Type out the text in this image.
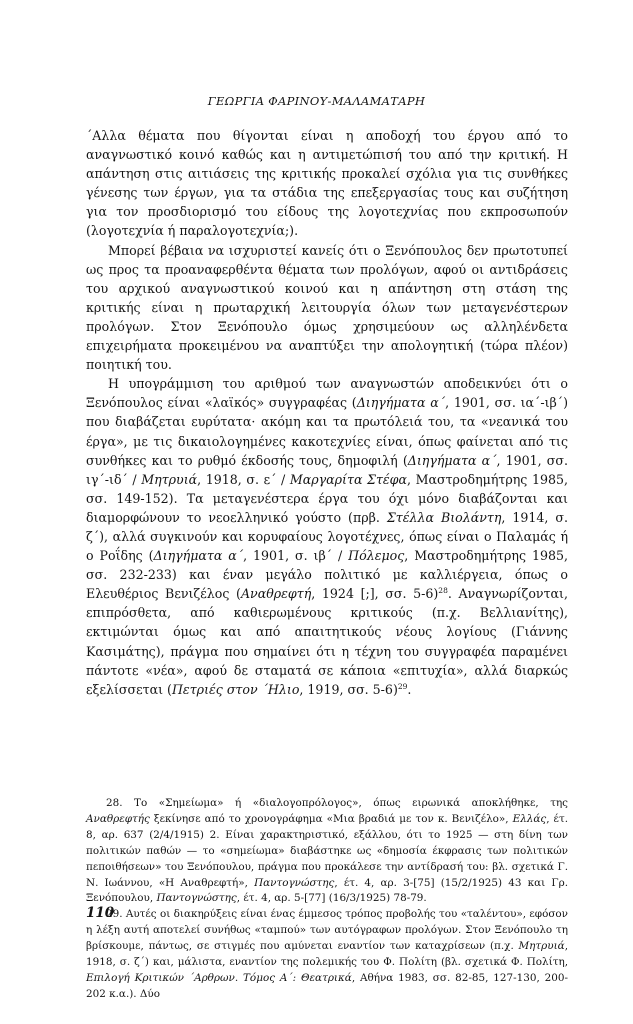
ΓΕΩΡΓΙΑ ΦΑΡΙΝΟΥ-ΜΑΛΑΜΑΤΑΡΗ

΄Αλλα θέματα που θίγονται είναι η αποδοχή του έργου από το αναγνωστικό κοινό καθώς και η αντιμετώπισή του από την κριτική. Η απάντηση στις αιτιάσεις της κριτικής προκαλεί σχόλια για τις συνθήκες γένεσης των έργων, για τα στάδια της επεξεργασίας τους και συζήτηση για τον προσδιορισμό του είδους της λογοτεχνίας που εκπροσωπούν (λογοτεχνία ή παραλογοτεχνία;).

Μπορεί βέβαια να ισχυριστεί κανείς ότι ο Ξενόπουλος δεν πρωτοτυπεί ως προς τα προαναφερθέντα θέματα των προλόγων, αφού οι αντιδράσεις του αρχικού αναγνωστικού κοινού και η απάντηση στη στάση της κριτικής είναι η πρωταρχική λειτουργία όλων των μεταγενέστερων προλόγων. Στον Ξενόπουλο όμως χρησιμεύουν ως αλληλένδετα επιχειρήματα προκειμένου να αναπτύξει την απολογητική (τώρα πλέον) ποιητική του.

Η υπογράμμιση του αριθμού των αναγνωστών αποδεικνύει ότι ο Ξενόπουλος είναι «λαϊκός» συγγραφέας (Διηγήματα α΄, 1901, σσ. ια΄-ιβ΄) που διαβάζεται ευρύτατα· ακόμη και τα πρωτόλειά του, τα «νεανικά του έργα», με τις δικαιολογημένες κακοτεχνίες είναι, όπως φαίνεται από τις συνθήκες και το ρυθμό έκδοσής τους, δημοφιλή (Διηγήματα α΄, 1901, σσ. ιγ΄-ιδ΄ / Μητρυιά, 1918, σ. ε΄ / Μαργαρίτα Στέφα, Μαστροδημήτρης 1985, σσ. 149-152). Τα μεταγενέστερα έργα του όχι μόνο διαβάζονται και διαμορφώνουν το νεοελληνικό γούστο (πρβ. Στέλλα Βιολάντη, 1914, σ. ζ΄), αλλά συγκινούν και κορυφαίους λογοτέχνες, όπως είναι ο Παλαμάς ή ο Ροΐδης (Διηγήματα α΄, 1901, σ. ιβ΄ / Πόλεμος, Μαστροδημήτρης 1985, σσ. 232-233) και έναν μεγάλο πολιτικό με καλλιέργεια, όπως ο Ελευθέριος Βενιζέλος (Αναθρεφτή, 1924 [;], σσ. 5-6)$^{28}$. Αναγνωρίζονται, επιπρόσθετα, από καθιερωμένους κριτικούς (π.χ. Βελλιανίτης), εκτιμώνται όμως και από απαιτητικούς νέους λογίους (Γιάννης Κασιμάτης), πράγμα που σημαίνει ότι η τέχνη του συγγραφέα παραμένει πάντοτε «νέα», αφού δε σταματά σε κάποια «επιτυχία», αλλά διαρκώς εξελίσσεται (Πετριές στον ΄Ηλιο, 1919, σσ. 5-6)$^{29}$.

28. Το «Σημείωμα» ή «διαλογοπρόλογος», όπως ειρωνικά αποκλήθηκε, της Αναθρεφτής ξεκίνησε από το χρονογράφημα «Μια βραδιά με τον κ. Βενιζέλο», Ελλάς, έτ. 8, αρ. 637 (2/4/1915) 2. Είναι χαρακτηριστικό, εξάλλου, ότι το 1925 — στη δίνη των πολιτικών παθών — το «σημείωμα» διαβάστηκε ως «δημοσία έκφρασις των πολιτικών πεποιθήσεων» του Ξενόπουλου, πράγμα που προκάλεσε την αντίδρασή του: βλ. σχετικά Γ. Ν. Ιωάννου, «Η Αναθρεφτή», Παντογνώστης, έτ. 4, αρ. 3-[75] (15/2/1925) 43 και Γρ. Ξενόπουλου, Παντογνώστης, έτ. 4, αρ. 5-[77] (16/3/1925) 78-79.

29. Αυτές οι διακηρύξεις είναι ένας έμμεσος τρόπος προβολής του «ταλέντου», εφόσον η λέξη αυτή αποτελεί συνήθως «ταμπού» των αυτόγραφων προλόγων. Στον Ξενόπουλο τη βρίσκουμε, πάντως, σε στιγμές που αμύνεται εναντίον των καταχρίσεων (π.χ. Μητρυιά, 1918, σ. ζ΄) και, μάλιστα, εναντίον της πολεμικής του Φ. Πολίτη (βλ. σχετικά Φ. Πολίτη, Επιλογή Κριτικών ΄Αρθρων. Τόμος Α΄: Θεατρικά, Αθήνα 1983, σσ. 82-85, 127-130, 200-202 κ.α.). Δύο

110
